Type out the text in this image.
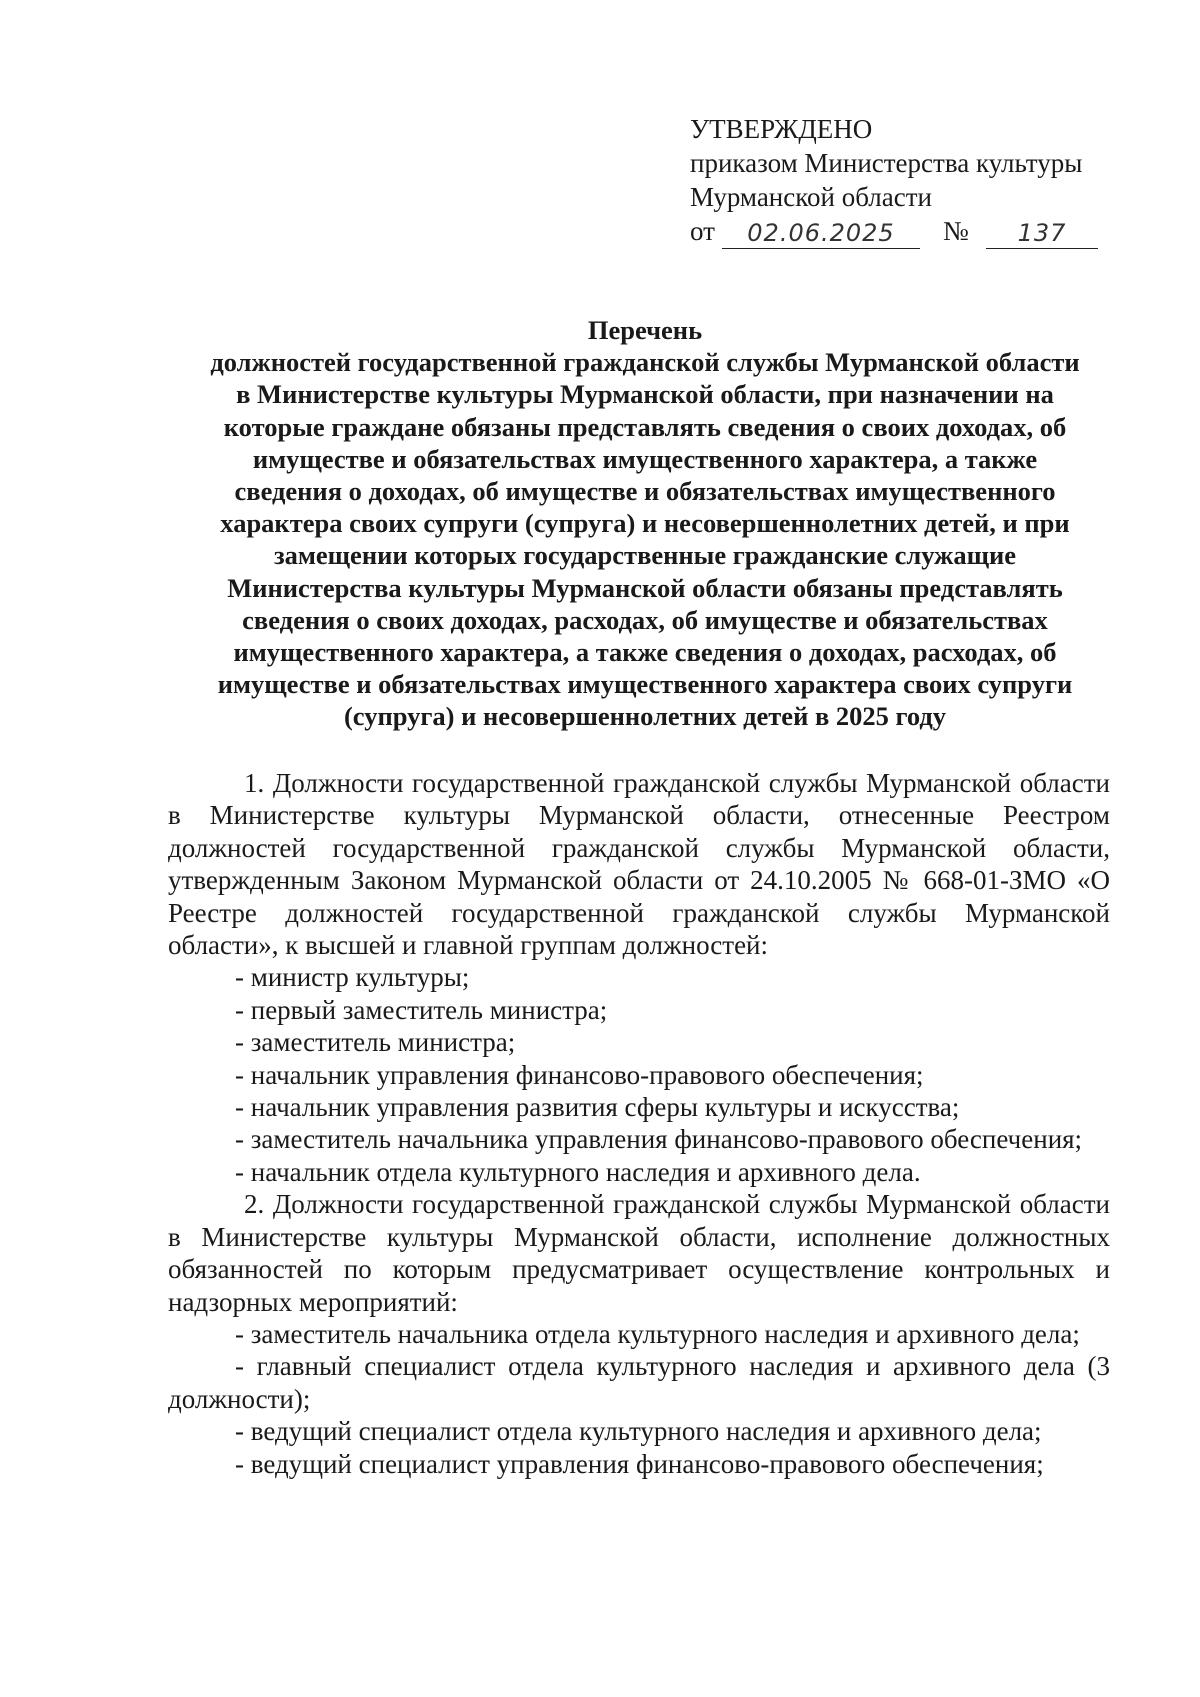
УТВЕРЖДЕНО
приказом Министерства культуры
Мурманской области
от	02.06.2025	№	137
Перечень
должностей государственной гражданской службы Мурманской области
в Министерстве культуры Мурманской области, при назначении на
которые граждане обязаны представлять сведения о своих доходах, об
имуществе и обязательствах имущественного характера, а также
сведения о доходах, об имуществе и обязательствах имущественного
характера своих супруги (супруга) и несовершеннолетних детей, и при
замещении которых государственные гражданские служащие
Министерства культуры Мурманской области обязаны представлять
сведения о своих доходах, расходах, об имуществе и обязательствах
имущественного характера, а также сведения о доходах, расходах, об
имуществе и обязательствах имущественного характера своих супруги
(супруга) и несовершеннолетних детей в 2025 году

1. Должности государственной гражданской службы Мурманской области в Министерстве культуры Мурманской области, отнесенные Реестром должностей государственной гражданской службы Мурманской области, утвержденным Законом Мурманской области от 24.10.2005 № 668-01-ЗМО «О Реестре должностей государственной гражданской службы Мурманской области», к высшей и главной группам должностей:

- министр культуры;

- первый заместитель министра;

- заместитель министра;

- начальник управления финансово-правового обеспечения;

- начальник управления развития сферы культуры и искусства;

- заместитель начальника управления финансово-правового обеспечения;

- начальник отдела культурного наследия и архивного дела.

2. Должности государственной гражданской службы Мурманской области в Министерстве культуры Мурманской области, исполнение должностных обязанностей по которым предусматривает осуществление контрольных и надзорных мероприятий:

- заместитель начальника отдела культурного наследия и архивного дела;

- главный специалист отдела культурного наследия и архивного дела (3 должности);

- ведущий специалист отдела культурного наследия и архивного дела;

- ведущий специалист управления финансово-правового обеспечения;
